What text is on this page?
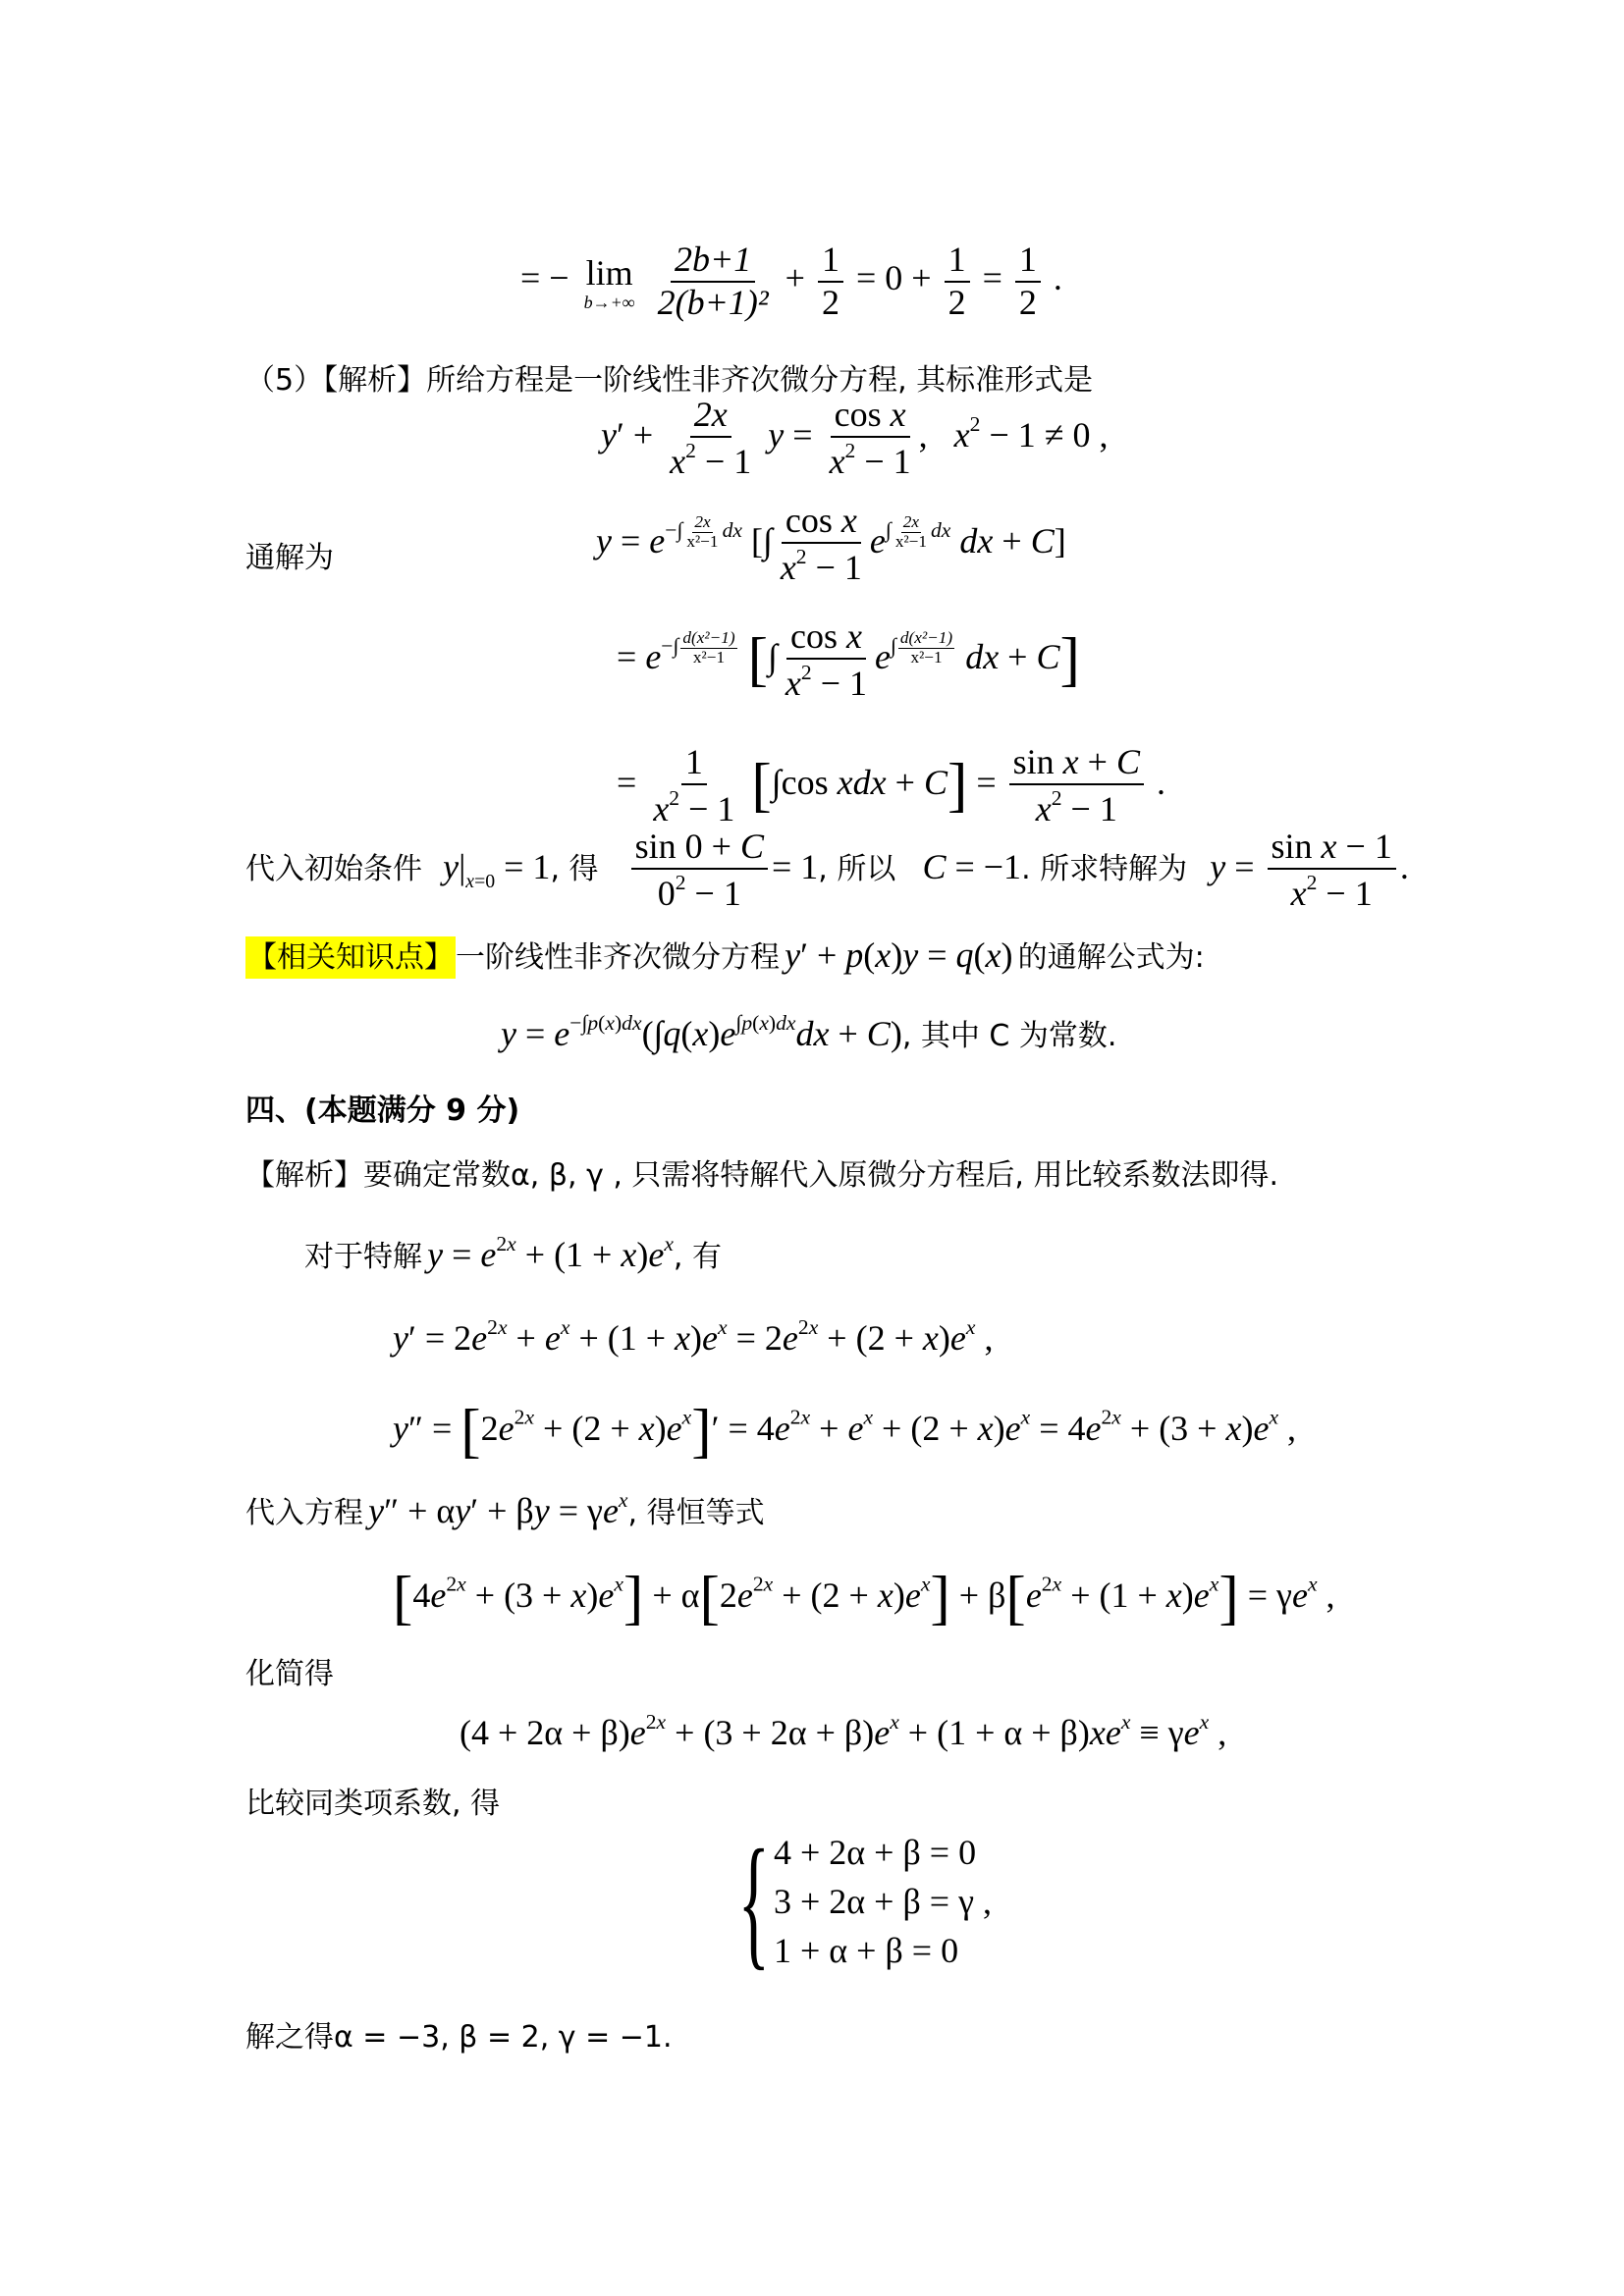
= − lim
b→+∞
$\frac{2b+1}{\text{2(b+1)²}} + \frac{1}{2} = 0 + \frac{1}{2} = \frac{1}{2}$ .
（5）【解析】所给方程是一阶线性非齐次微分方程, 其标准形式是
$y' + \frac{2x}{x^2 - 1}$ $y = \frac{\text{cos x}}{x^2 - 1}$ ,   $x^2 - 1 \ne 0$ ,
通解为	$y = e^{-\int \frac{2x}{\text{x²−1}} dx}$ [∫ $\frac{\text{cos x}}{x^2 - 1} e^{\int \frac{2x}{\text{x²−1}} dx}$ dx + C]
= $e^{-\int \frac{\text{d(x²−1)}}{\text{x²−1}}}$ [∫ $\frac{\text{cos x}}{x^2 - 1} e^{\int \frac{\text{d(x²−1)}}{\text{x²−1}}}$ dx + C]
= $\frac{1}{x^2 - 1} [\int\cos$ xdx + $C] = \frac{\text{sin x + C}}{x^2 - 1}$ .
代入初始条件 $y|_{x=0} = 1$, 得 $\frac{\sin 0 + C}{0^2 - 1} = 1$, 所以 C = −1. 所求特解为 $y = \frac{\text{sin x − 1}}{x^2 - 1}$ .
【相关知识点】一阶线性非齐次微分方程 y′ + p(x)y = q(x) 的通解公式为:
$y = e^{-\int p(x)dx}(\int q(x)e^{\int p(x)dx}dx + C)$, 其中 C 为常数.
四、(本题满分 9 分)
【解析】要确定常数α, β, γ , 只需将特解代入原微分方程后, 用比较系数法即得.
对于特解 $y = e^{2x} + (1 + x)e^x$, 有
$y' = 2e^{2x} + e^x + (1 + x)e^x = 2e^{2x} + (2 + x)e^x$ ,
$y'' = [2e^{2x} + (2 + x)e^x]' = 4e^{2x} + e^x + (2 + x)e^x = 4e^{2x} + (3 + x)e^x$ ,
代入方程 $y'' + \alpha y' + \beta y = \gamma e^x$, 得恒等式
$[4e^{2x} + (3 + x)e^x] + \alpha[2e^{2x} + (2 + x)e^x] + \beta[e^{2x} + (1 + x)e^x] = \gamma e^x$ ,
化简得
$(4 + 2\alpha + \beta)e^{2x} + (3 + 2\alpha + \beta)e^x + (1 + \alpha + \beta)xe^x \equiv \gamma e^x$ ,
比较同类项系数, 得
{ 4 + 2α + β = 0
3 + 2α + β = γ ,
1 + α + β = 0
解之得α = −3, β = 2, γ = −1.
